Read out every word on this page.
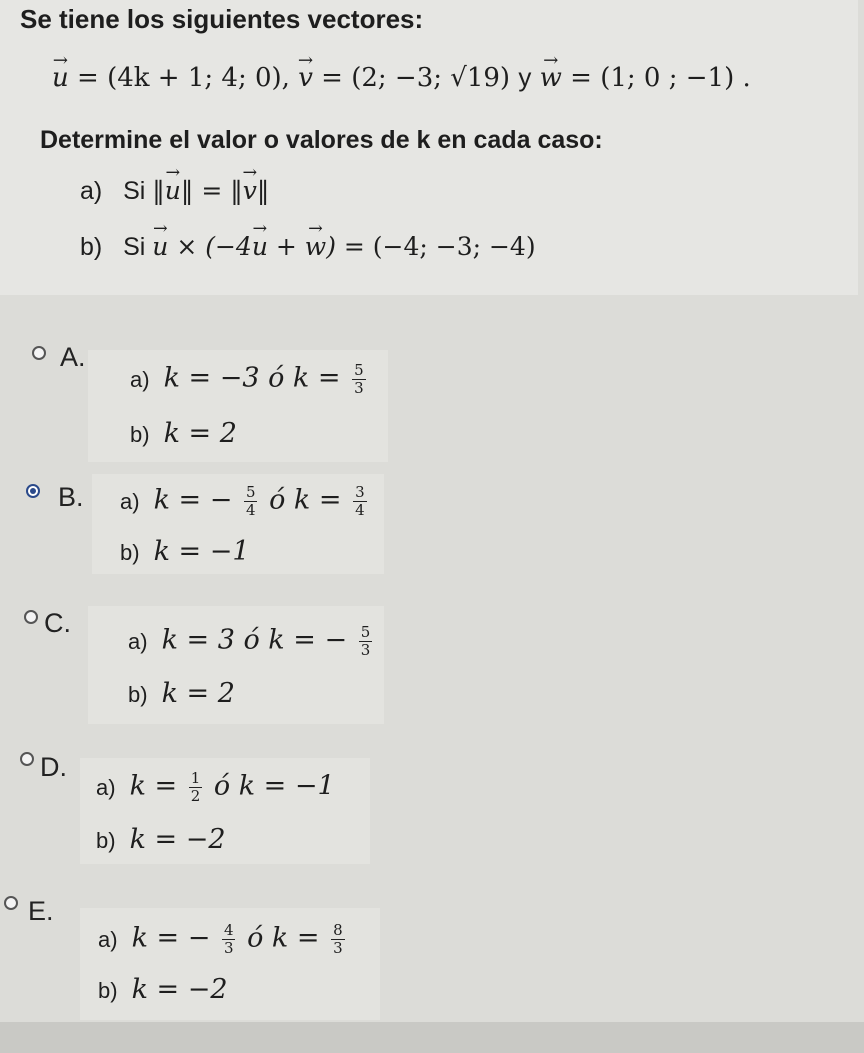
Se tiene los siguientes vectores:
u → = (4k + 1; 4; 0), v → = (2; −3; √19) y w → = (1; 0 ; −1) .
Determine el valor o valores de k en cada caso:
a) Si ‖u →‖ = ‖v →‖
b) Si u → × (−4u → + w →) = (−4; −3; −4)
A.
a) k = −3 ó $k = \frac{5}{3}$
b) k = 2
B. a) k = − $\frac{5}{4}$ ó $k = \frac{3}{4}$
b) k = −1
C.
a) k = 3 ó k = − $\frac{5}{3}$
b) k = 2
D.
a) $k = \frac{1}{2}$ ó k = −1
b) k = −2
E.
a) k = − $\frac{4}{3}$ ó $k = \frac{8}{3}$
b) k = −2
